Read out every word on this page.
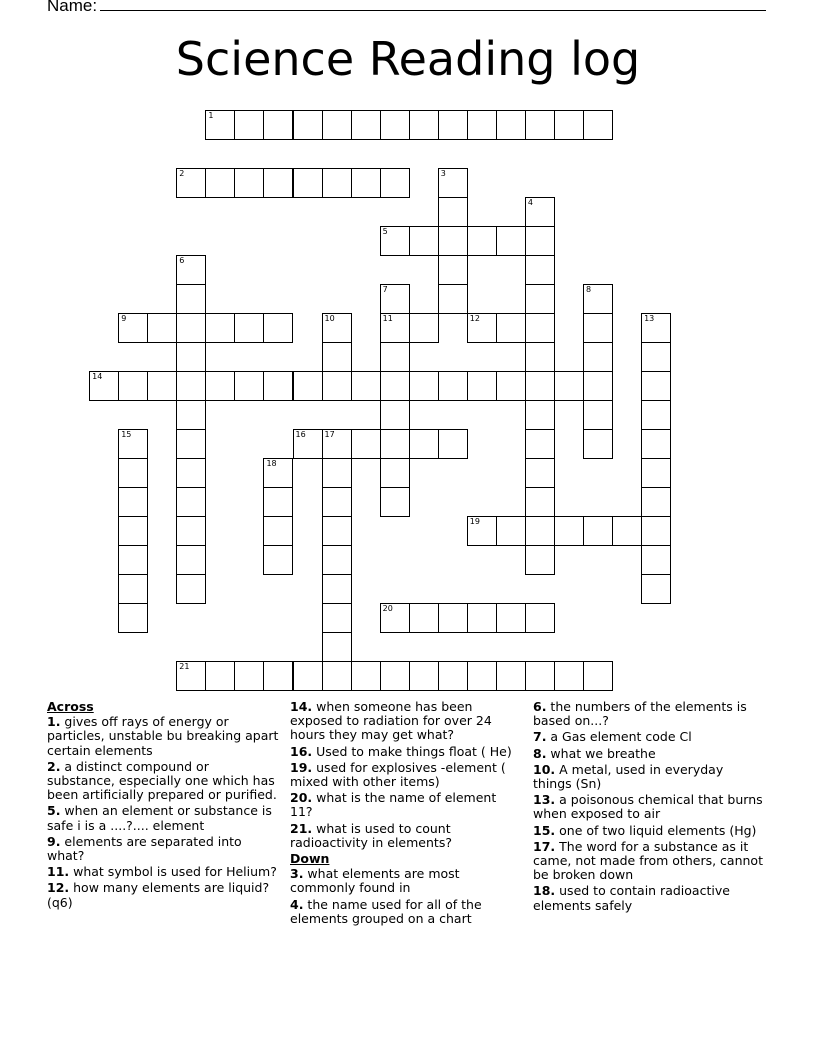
Name:
Science Reading log
1
2	3
4
5
6
7	8
9	10	11	12	13
14
15	16 17
18
19
20
21
Across
1. gives off rays of energy or particles, unstable bu breaking apart certain elements
2. a distinct compound or substance, especially one which has been artificially prepared or purified.
5. when an element or substance is safe i is a ....?.... element
9. elements are separated into what?
11. what symbol is used for Helium?
12. how many elements are liquid? (q6)
14. when someone has been exposed to radiation for over 24 hours they may get what?
16. Used to make things float ( He)
19. used for explosives -element ( mixed with other items)
20. what is the name of element 11?
21. what is used to count radioactivity in elements?
Down
3. what elements are most commonly found in
4. the name used for all of the elements grouped on a chart
6. the numbers of the elements is based on...?
7. a Gas element code Cl
8. what we breathe
10. A metal, used in everyday things (Sn)
13. a poisonous chemical that burns when exposed to air
15. one of two liquid elements (Hg)
17. The word for a substance as it came, not made from others, cannot be broken down
18. used to contain radioactive elements safely
